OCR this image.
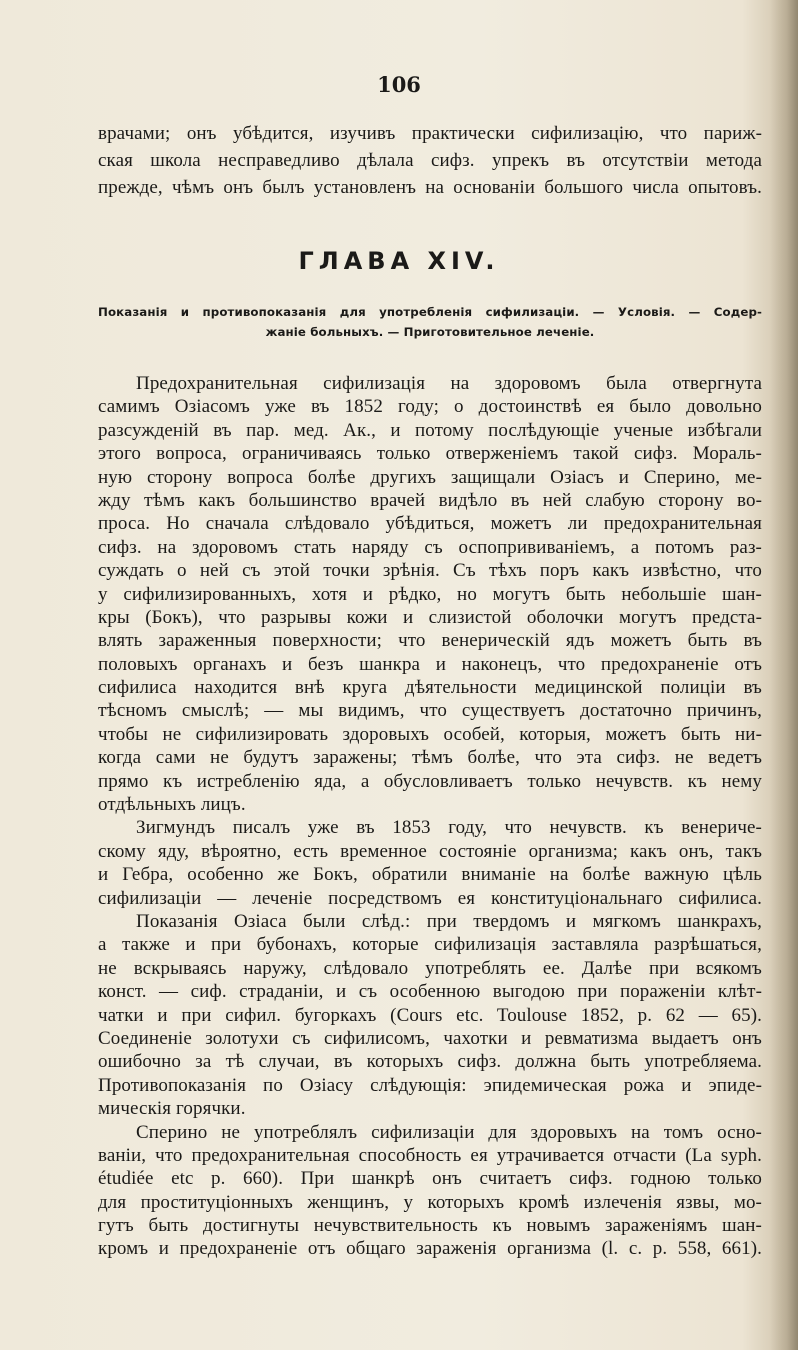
106
врачами; онъ убѣдится, изучивъ практически сифилизацію, что париж-
ская школа несправедливо дѣлала сифз. упрекъ въ отсутствіи метода
прежде, чѣмъ онъ былъ установленъ на основаніи большого числа опытовъ.
ГЛАВА XIV.
Показанія и противопоказанія для употребленія сифилизаціи. — Условія. — Содер-
жаніе больныхъ. — Приготовительное леченіе.
Предохранительная сифилизація на здоровомъ была отвергнута
самимъ Озіасомъ уже въ 1852 году; о достоинствѣ ея было довольно
разсужденій въ пар. мед. Ак., и потому послѣдующіе ученые избѣгали
этого вопроса, ограничиваясь только отверженіемъ такой сифз. Мораль-
ную сторону вопроса болѣе другихъ защищали Озіасъ и Сперино, ме-
жду тѣмъ какъ большинство врачей видѣло въ ней слабую сторону во-
проса. Но сначала слѣдовало убѣдиться, можетъ ли предохранительная
сифз. на здоровомъ стать наряду съ оспопрививаніемъ, а потомъ раз-
суждать о ней съ этой точки зрѣнія. Съ тѣхъ поръ какъ извѣстно, что
у сифилизированныхъ, хотя и рѣдко, но могутъ быть небольшіе шан-
кры (Бокъ), что разрывы кожи и слизистой оболочки могутъ предста-
влять зараженныя поверхности; что венерическій ядъ можетъ быть въ
половыхъ органахъ и безъ шанкра и наконецъ, что предохраненіе отъ
сифилиса находится внѣ круга дѣятельности медицинской полиціи въ
тѣсномъ смыслѣ; — мы видимъ, что существуетъ достаточно причинъ,
чтобы не сифилизировать здоровыхъ особей, которыя, можетъ быть ни-
когда сами не будутъ заражены; тѣмъ болѣе, что эта сифз. не ведетъ
прямо къ истребленію яда, а обусловливаетъ только нечувств. къ нему
отдѣльныхъ лицъ.
Зигмундъ писалъ уже въ 1853 году, что нечувств. къ венериче-
скому яду, вѣроятно, есть временное состояніе организма; какъ онъ, такъ
и Гебра, особенно же Бокъ, обратили вниманіе на болѣе важную цѣль
сифилизаціи — леченіе посредствомъ ея конституціональнаго сифилиса.
Показанія Озіаса были слѣд.: при твердомъ и мягкомъ шанкрахъ,
а также и при бубонахъ, которые сифилизація заставляла разрѣшаться,
не вскрываясь наружу, слѣдовало употреблять ее. Далѣе при всякомъ
конст. — сиф. страданіи, и съ особенною выгодою при пораженіи клѣт-
чатки и при сифил. бугоркахъ (Cours etc. Toulouse 1852, p. 62 — 65).
Соединеніе золотухи съ сифилисомъ, чахотки и ревматизма выдаетъ онъ
ошибочно за тѣ случаи, въ которыхъ сифз. должна быть употребляема.
Противопоказанія по Озіасу слѣдующія: эпидемическая рожа и эпиде-
мическія горячки.
Сперино не употреблялъ сифилизаціи для здоровыхъ на томъ осно-
ваніи, что предохранительная способность ея утрачивается отчасти (La syph.
étudiée etc p. 660). При шанкрѣ онъ считаетъ сифз. годною только
для проституціонныхъ женщинъ, у которыхъ кромѣ излеченія язвы, мо-
гутъ быть достигнуты нечувствительность къ новымъ зараженіямъ шан-
кромъ и предохраненіе отъ общаго зараженія организма (l. c. p. 558, 661).
